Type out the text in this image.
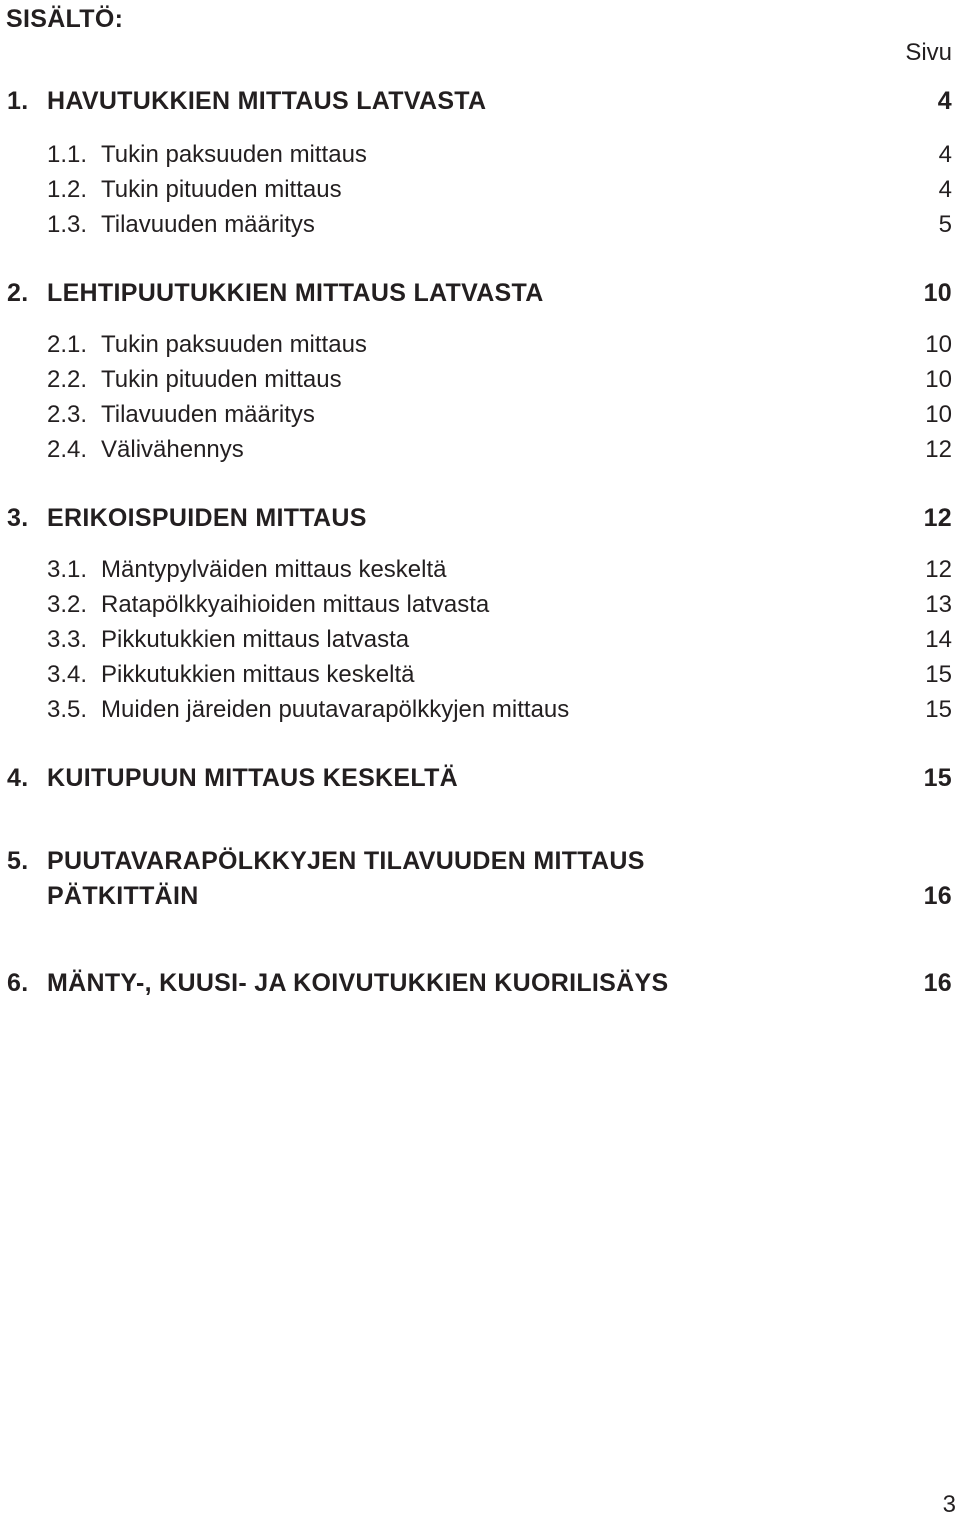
SISÄLTÖ:
Sivu
3
1. HAVUTUKKIEN MITTAUS LATVASTA	4
1.1. Tukin paksuuden mittaus	4
1.2. Tukin pituuden mittaus	4
1.3. Tilavuuden määritys	5
2. LEHTIPUUTUKKIEN MITTAUS LATVASTA	10
2.1. Tukin paksuuden mittaus	10
2.2. Tukin pituuden mittaus	10
2.3. Tilavuuden määritys	10
2.4. Välivähennys	12
3. ERIKOISPUIDEN MITTAUS	12
3.1. Mäntypylväiden mittaus keskeltä	12
3.2. Ratapölkkyaihioiden mittaus latvasta	13
3.3. Pikkutukkien mittaus latvasta	14
3.4. Pikkutukkien mittaus keskeltä	15
3.5. Muiden järeiden puutavarapölkkyjen mittaus	15
4. KUITUPUUN MITTAUS KESKELTÄ	15
5. PUUTAVARAPÖLKKYJEN TILAVUUDEN MITTAUS
PÄTKITTÄIN	16
6. MÄNTY-, KUUSI- JA KOIVUTUKKIEN KUORILISÄYS	16
